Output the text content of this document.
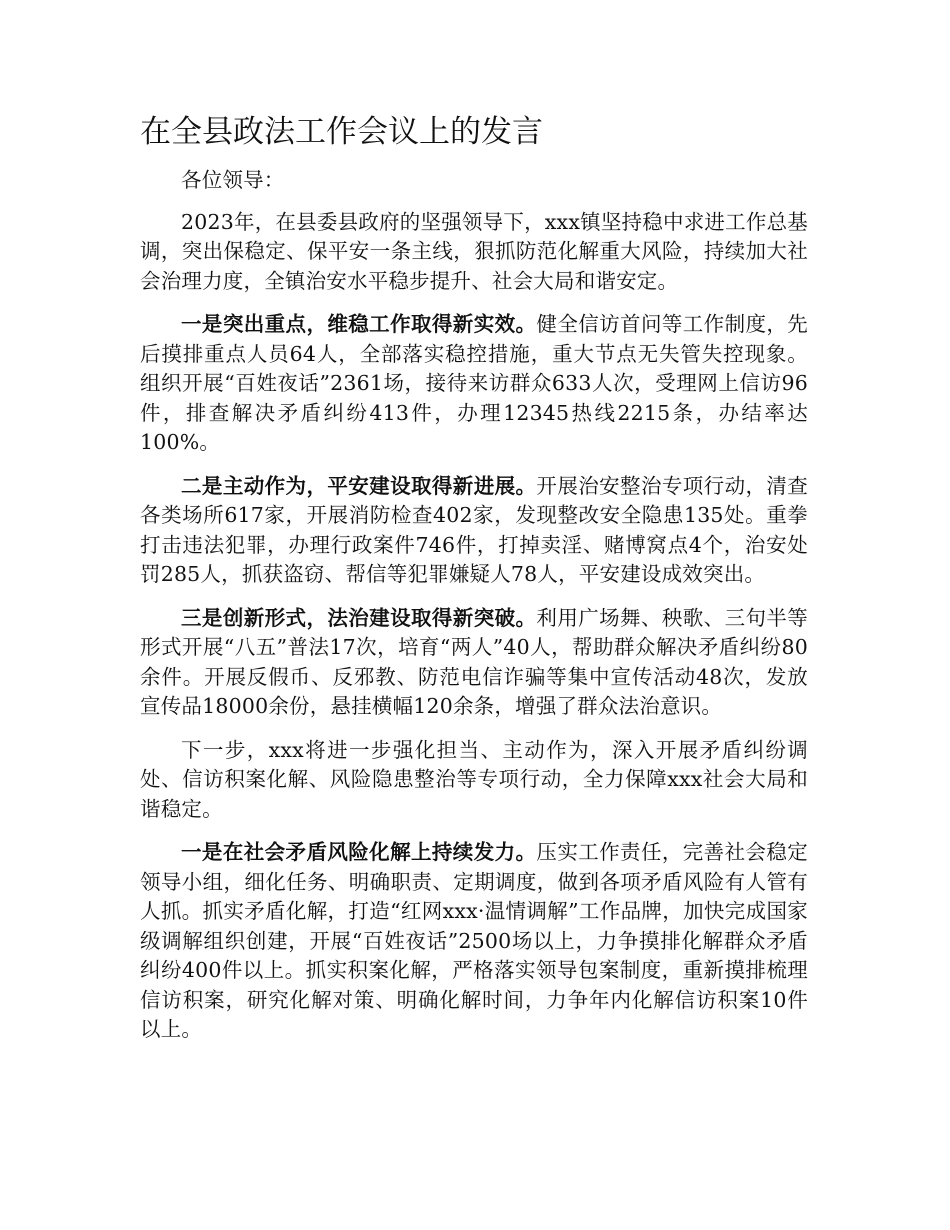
在全县政法工作会议上的发言

各位领导：

2023年，在县委县政府的坚强领导下，xxx镇坚持稳中求进工作总基调，突出保稳定、保平安一条主线，狠抓防范化解重大风险，持续加大社会治理力度，全镇治安水平稳步提升、社会大局和谐安定。

一是突出重点，维稳工作取得新实效。健全信访首问等工作制度，先后摸排重点人员64人，全部落实稳控措施，重大节点无失管失控现象。组织开展“百姓夜话”2361场，接待来访群众633人次，受理网上信访96件，排查解决矛盾纠纷413件，办理12345热线2215条，办结率达100%。

二是主动作为，平安建设取得新进展。开展治安整治专项行动，清查各类场所617家，开展消防检查402家，发现整改安全隐患135处。重拳打击违法犯罪，办理行政案件746件，打掉卖淫、赌博窝点4个，治安处罚285人，抓获盗窃、帮信等犯罪嫌疑人78人，平安建设成效突出。

三是创新形式，法治建设取得新突破。利用广场舞、秧歌、三句半等形式开展“八五”普法17次，培育“两人”40人，帮助群众解决矛盾纠纷80余件。开展反假币、反邪教、防范电信诈骗等集中宣传活动48次，发放宣传品18000余份，悬挂横幅120余条，增强了群众法治意识。

下一步，xxx将进一步强化担当、主动作为，深入开展矛盾纠纷调处、信访积案化解、风险隐患整治等专项行动，全力保障xxx社会大局和谐稳定。

一是在社会矛盾风险化解上持续发力。压实工作责任，完善社会稳定领导小组，细化任务、明确职责、定期调度，做到各项矛盾风险有人管有人抓。抓实矛盾化解，打造“红网xxx·温情调解”工作品牌，加快完成国家级调解组织创建，开展“百姓夜话”2500场以上，力争摸排化解群众矛盾纠纷400件以上。抓实积案化解，严格落实领导包案制度，重新摸排梳理信访积案，研究化解对策、明确化解时间，力争年内化解信访积案10件以上。
